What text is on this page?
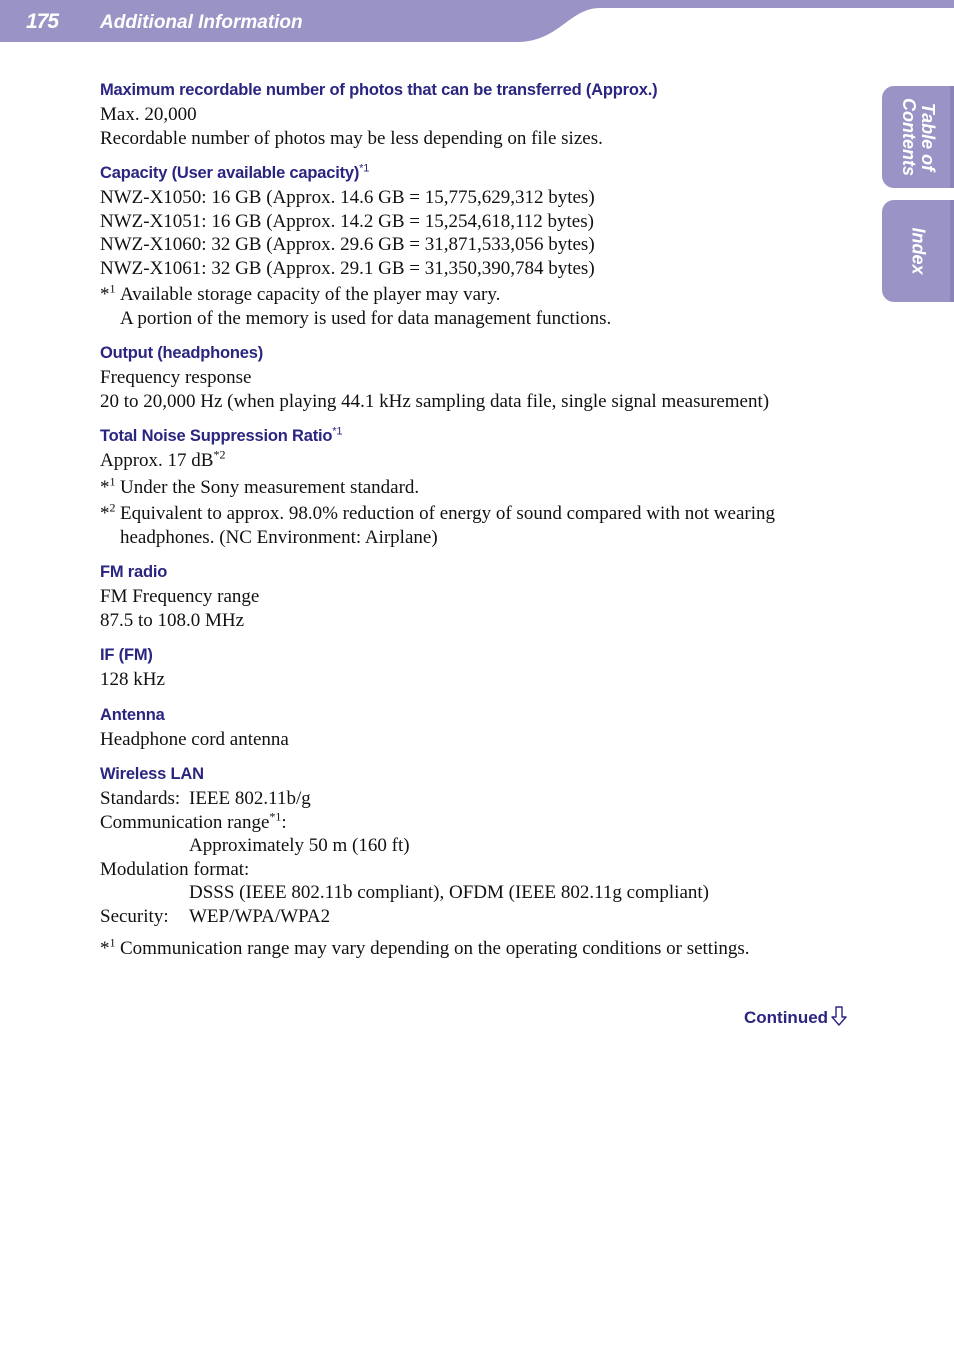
175 Additional Information
Table of
Contents
Index
Maximum recordable number of photos that can be transferred (Approx.)

Max. 20,000

Recordable number of photos may be less depending on file sizes.

Capacity (User available capacity)$^{*1}$

NWZ-X1050: 16 GB (Approx. 14.6 GB = 15,775,629,312 bytes)

NWZ-X1051: 16 GB (Approx. 14.2 GB = 15,254,618,112 bytes)

NWZ-X1060: 32 GB (Approx. 29.6 GB = 31,871,533,056 bytes)

NWZ-X1061: 32 GB (Approx. 29.1 GB = 31,350,390,784 bytes)

*$^1$ Available storage capacity of the player may vary.
A portion of the memory is used for data management functions.
Output (headphones)

Frequency response

20 to 20,000 Hz (when playing 44.1 kHz sampling data file, single signal measurement)

Total Noise Suppression Ratio$^{*1}$

Approx. 17 $dB^{*2}$

*$^1$ Under the Sony measurement standard.
*$^2$ Equivalent to approx. 98.0% reduction of energy of sound compared with not wearing headphones. (NC Environment: Airplane)
FM radio

FM Frequency range

87.5 to 108.0 MHz

IF (FM)

128 kHz

Antenna

Headphone cord antenna

Wireless LAN
Standards: IEEE 802.11b/g

Communication range$^{*1}$:

Approximately 50 m (160 ft)

Modulation format:

DSSS (IEEE 802.11b compliant), OFDM (IEEE 802.11g compliant)

Security:	WEP/WPA/WPA2
*$^1$ Communication range may vary depending on the operating conditions or settings.
Continued
